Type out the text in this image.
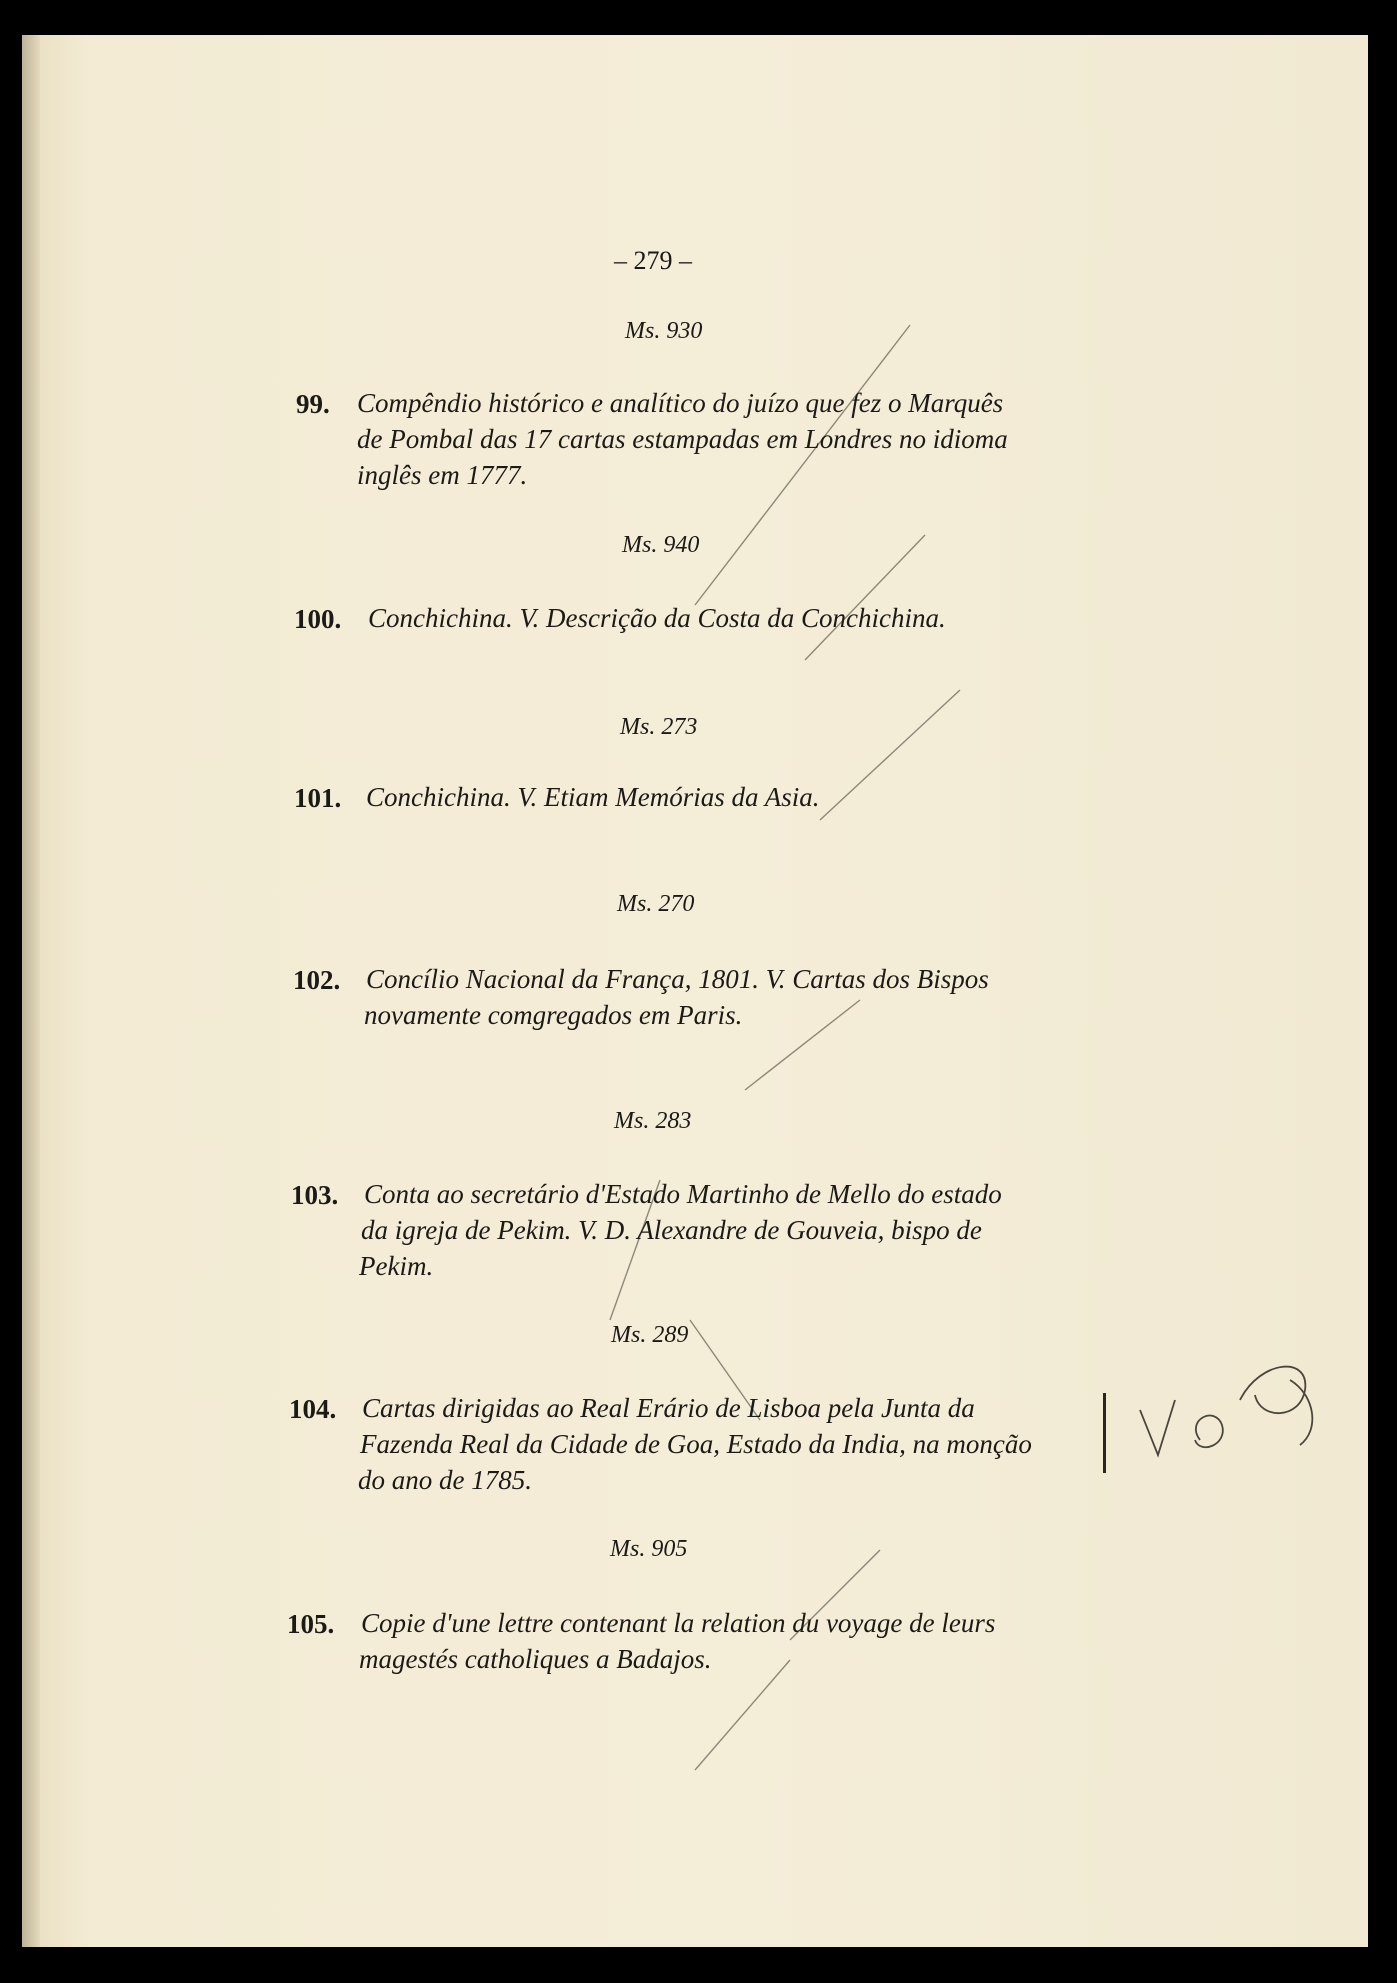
– 279 –
Ms. 930
99. Compêndio histórico e analítico do juízo que fez o Marquês
de Pombal das 17 cartas estampadas em Londres no idioma
inglês em 1777.
Ms. 940
100. Conchichina. V. Descrição da Costa da Conchichina.
Ms. 273
101. Conchichina. V. Etiam Memórias da Asia.
Ms. 270
102. Concílio Nacional da França, 1801. V. Cartas dos Bispos
novamente comgregados em Paris.
Ms. 283
103. Conta ao secretário d'Estado Martinho de Mello do estado
da igreja de Pekim. V. D. Alexandre de Gouveia, bispo de
Pekim.
Ms. 289
104. Cartas dirigidas ao Real Erário de Lisboa pela Junta da
Fazenda Real da Cidade de Goa, Estado da India, na monção
do ano de 1785.
Ms. 905
105. Copie d'une lettre contenant la relation du voyage de leurs
magestés catholiques a Badajos.
